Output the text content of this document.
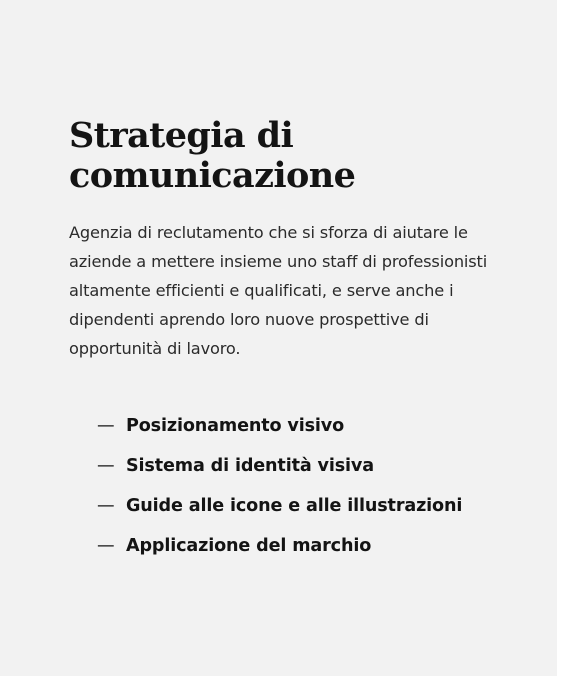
Strategia di
comunicazione

Agenzia di reclutamento che si sforza di aiutare le aziende a mettere insieme uno staff di professionisti altamente efficienti e qualificati, e serve anche i dipendenti aprendo loro nuove prospettive di opportunità di lavoro.

— Posizionamento visivo
— Sistema di identità visiva
— Guide alle icone e alle illustrazioni
— Applicazione del marchio
